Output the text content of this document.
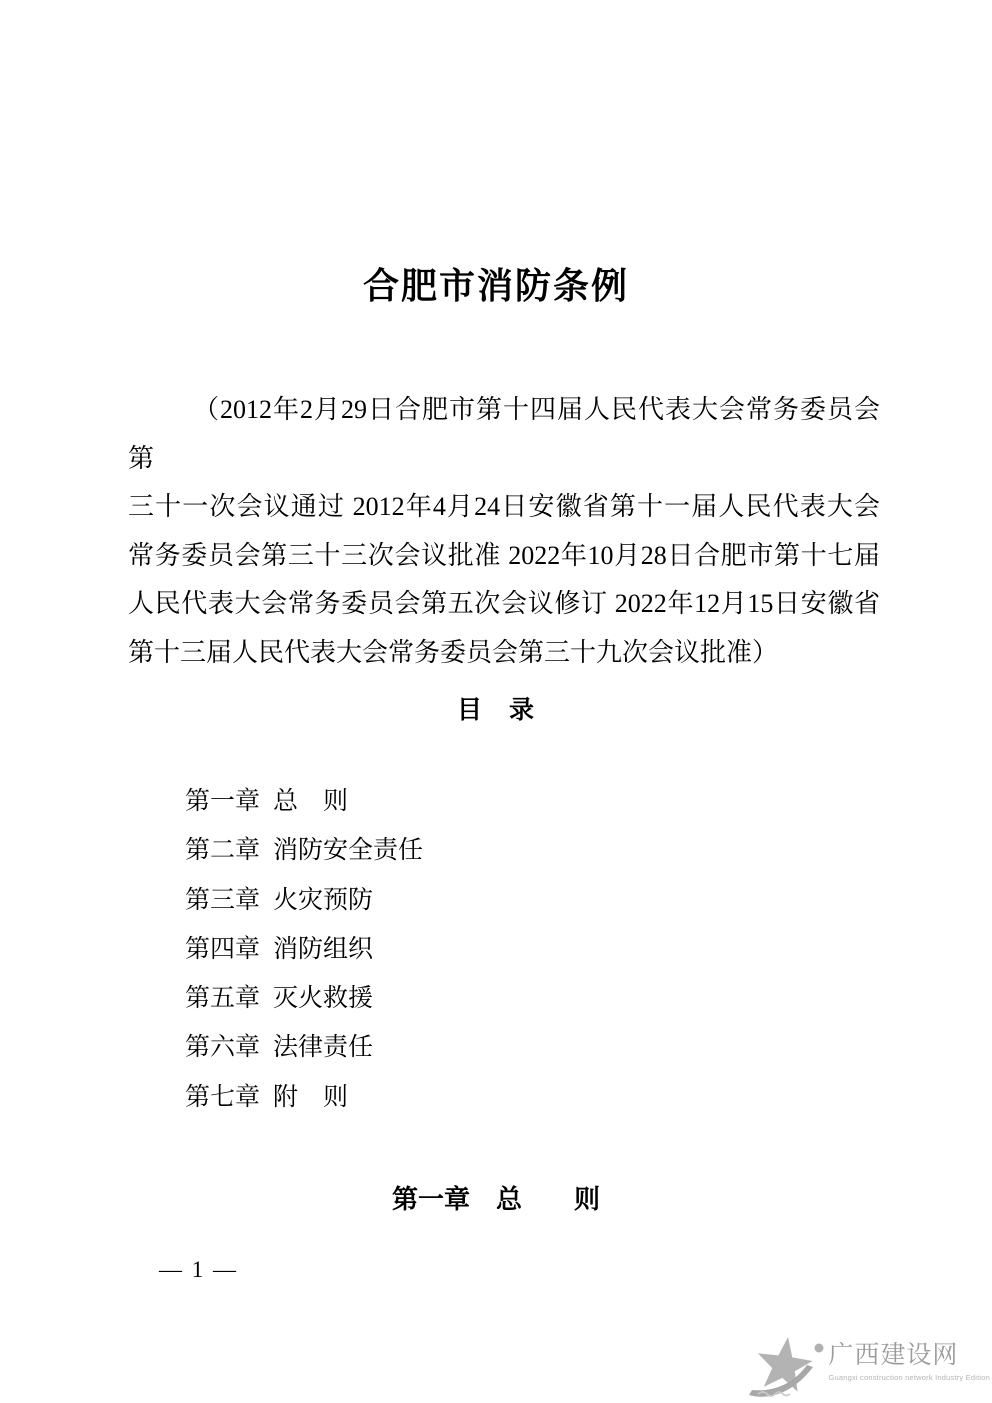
合肥市消防条例
（2012年2月29日合肥市第十四届人民代表大会常务委员会第
三十一次会议通过 2012年4月24日安徽省第十一届人民代表大会
常务委员会第三十三次会议批准 2022年10月28日合肥市第十七届
人民代表大会常务委员会第五次会议修订 2022年12月15日安徽省
第十三届人民代表大会常务委员会第三十九次会议批准）
目　录
第一章 总　则
第二章 消防安全责任
第三章 火灾预防
第四章 消防组织
第五章 灭火救援
第六章 法律责任
第七章 附　则
第一章　总　　则
— 1 —
广西建设网
Guangxi construction network Industry Edition
